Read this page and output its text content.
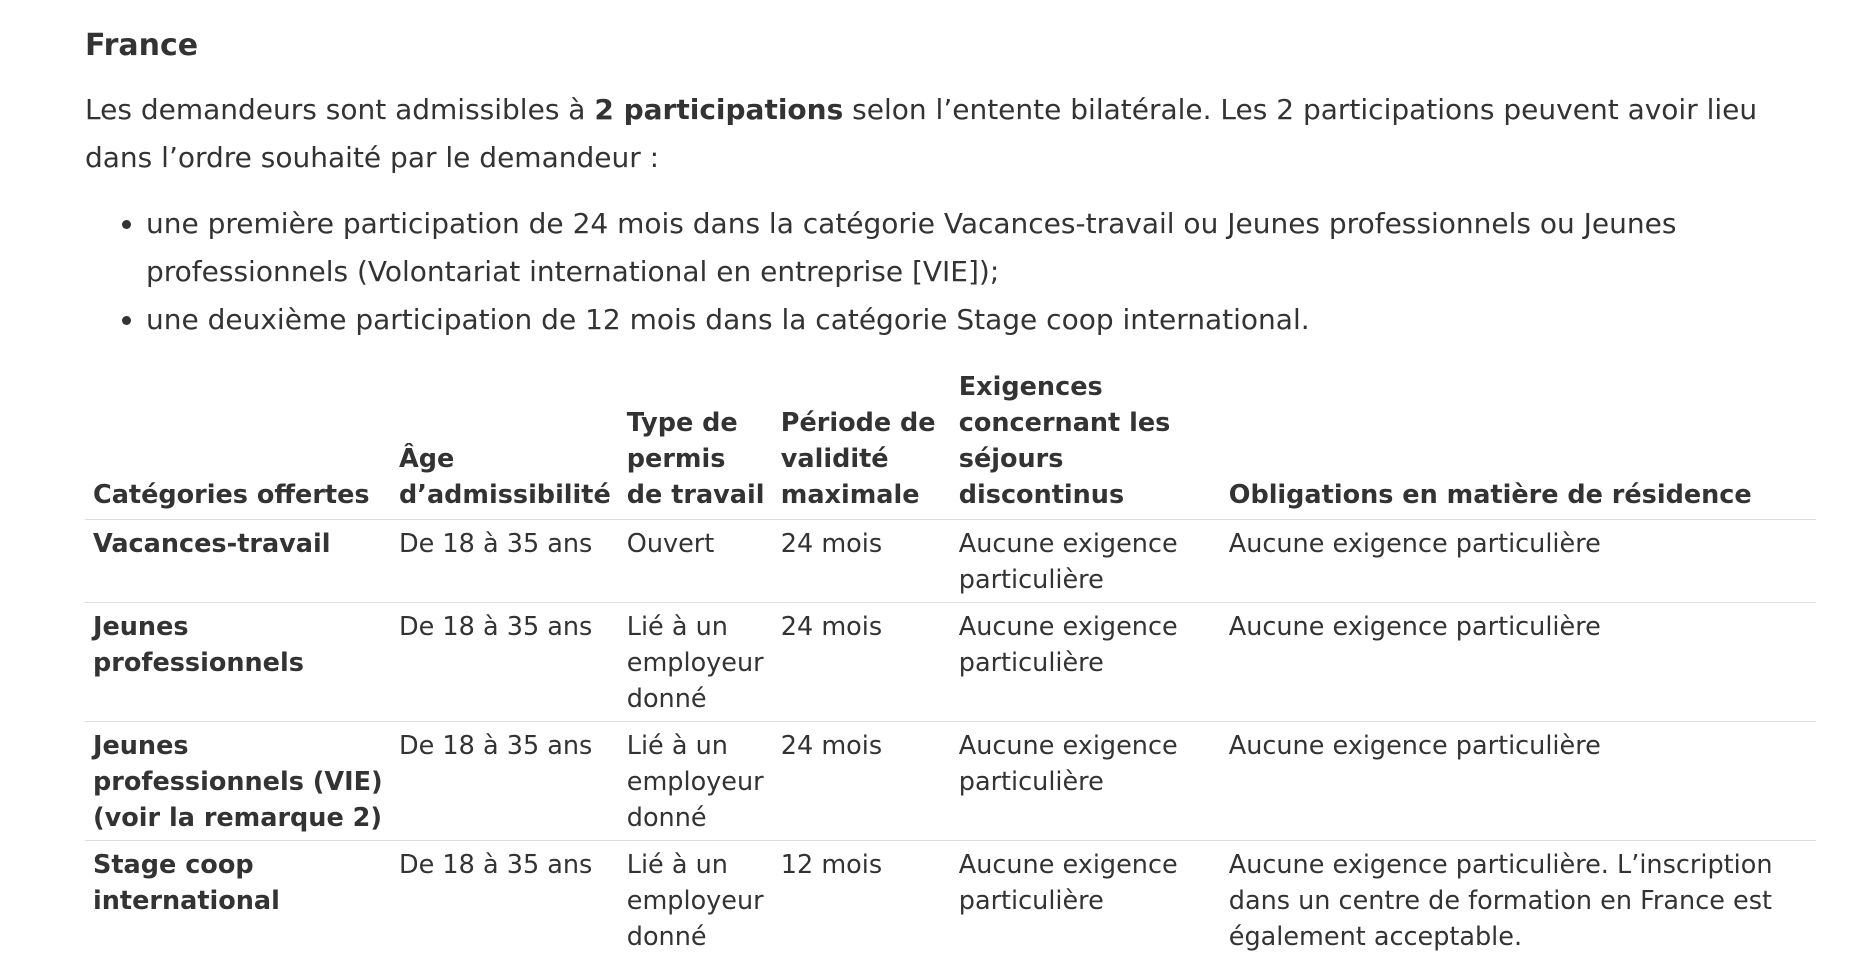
France

Les demandeurs sont admissibles à 2 participations selon l’entente bilatérale. Les 2 participations peuvent avoir lieu dans l’ordre souhaité par le demandeur :

• une première participation de 24 mois dans la catégorie Vacances-travail ou Jeunes professionnels ou Jeunes professionnels (Volontariat international en entreprise [VIE]);
• une deuxième participation de 12 mois dans la catégorie Stage coop international.
Catégories offertes	Âge d’admissibilité	Type de permis de travail	Période de validité maximale	Exigences concernant les séjours discontinus	Obligations en matière de résidence
Vacances-travail	De 18 à 35 ans	Ouvert	24 mois	Aucune exigence particulière	Aucune exigence particulière
Jeunes professionnels	De 18 à 35 ans	Lié à un employeur donné	24 mois	Aucune exigence particulière	Aucune exigence particulière
Jeunes professionnels (VIE) (voir la remarque 2)	De 18 à 35 ans	Lié à un employeur donné	24 mois	Aucune exigence particulière	Aucune exigence particulière
Stage coop international	De 18 à 35 ans	Lié à un employeur donné	12 mois	Aucune exigence particulière	Aucune exigence particulière. L’inscription dans un centre de formation en France est également acceptable.
